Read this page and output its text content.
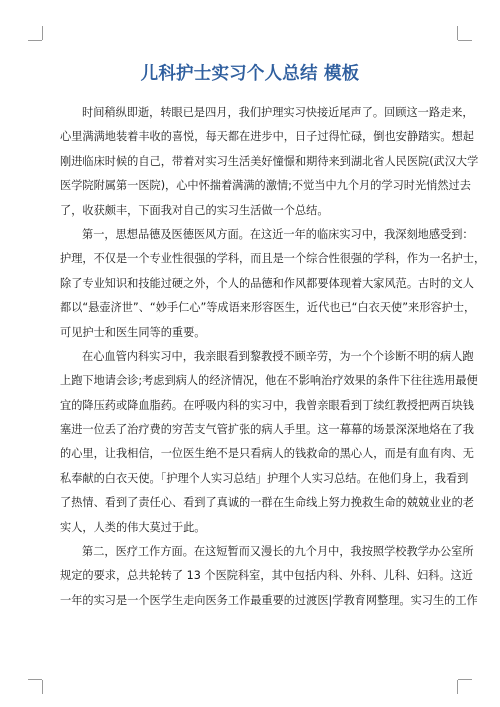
儿科护士实习个人总结 模板
时间稍纵即逝，转眼已是四月，我们护理实习快接近尾声了。回顾这一路走来，
心里满满地装着丰收的喜悦，每天都在进步中，日子过得忙碌，倒也安静踏实。想起
刚进临床时候的自己，带着对实习生活美好憧憬和期待来到湖北省人民医院(武汉大学
医学院附属第一医院)，心中怀揣着满满的激情;不觉当中九个月的学习时光悄然过去
了，收获颇丰，下面我对自己的实习生活做一个总结。
第一，思想品德及医德医风方面。在这近一年的临床实习中，我深刻地感受到：
护理，不仅是一个专业性很强的学科，而且是一个综合性很强的学科，作为一名护士，
除了专业知识和技能过硬之外，个人的品德和作风都要体现着大家风范。古时的文人
都以“悬壶济世”、“妙手仁心”等成语来形容医生，近代也已“白衣天使”来形容护士，
可见护士和医生同等的重要。
在心血管内科实习中，我亲眼看到黎教授不顾辛劳，为一个个诊断不明的病人跑
上跑下地请会诊;考虑到病人的经济情况，他在不影响治疗效果的条件下往往选用最便
宜的降压药或降血脂药。在呼吸内科的实习中，我曾亲眼看到丁续红教授把两百块钱
塞进一位丢了治疗费的穷苦支气管扩张的病人手里。这一幕幕的场景深深地烙在了我
的心里，让我相信，一位医生绝不是只看病人的钱救命的黑心人，而是有血有肉、无
私奉献的白衣天使。「护理个人实习总结」护理个人实习总结。在他们身上，我看到
了热情、看到了责任心、看到了真诚的一群在生命线上努力挽救生命的兢兢业业的老
实人，人类的伟大莫过于此。
第二，医疗工作方面。在这短暂而又漫长的九个月中，我按照学校教学办公室所
规定的要求，总共轮转了 13 个医院科室，其中包括内科、外科、儿科、妇科。这近
一年的实习是一个医学生走向医务工作最重要的过渡医|学教育网整理。实习生的工作
